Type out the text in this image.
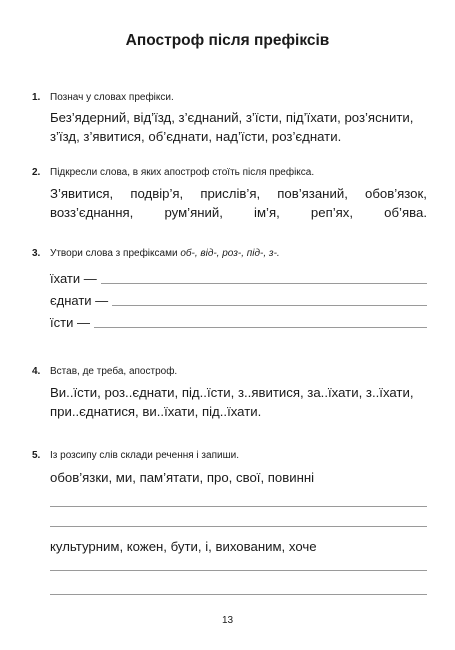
Апостроф після префіксів
1. Познач у словах префікси.
Без’ядерний, від’їзд, з’єднаний, з’їсти, під’їхати, роз’яснити,
з’їзд, з’явитися, об’єднати, над’їсти, роз’єднати.
2. Підкресли слова, в яких апостроф стоїть після префікса.
З’явитися, подвір’я, прислів’я, пов’язаний, обов’язок,
возз’єднання, рум’яний, ім’я, реп’ях, об’ява.
3. Утвори слова з префіксами об-, від-, роз-, під-, з-.
їхати —
єднати —
їсти —
4. Встав, де треба, апостроф.
Ви..їсти, роз..єднати, під..їсти, з..явитися, за..їхати, з..їхати,
при..єднатися, ви..їхати, під..їхати.
5. Із розсипу слів склади речення і запиши.
обов’язки, ми, пам’ятати, про, свої, повинні
культурним, кожен, бути, і, вихованим, хоче
13
